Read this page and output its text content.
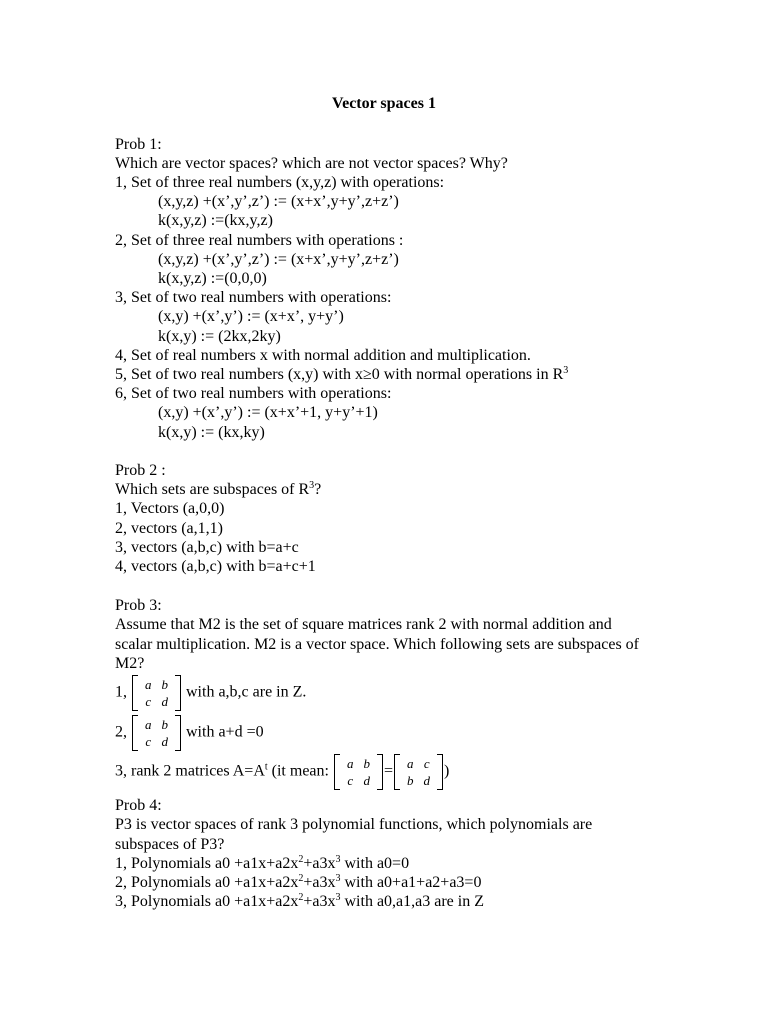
Vector spaces 1
Prob 1:
Which are vector spaces? which are not vector spaces? Why?
1, Set of three real numbers (x,y,z) with operations:
(x,y,z) +(x’,y’,z’) := (x+x’,y+y’,z+z’)
k(x,y,z) :=(kx,y,z)
2, Set of three real numbers with operations :
(x,y,z) +(x’,y’,z’) := (x+x’,y+y’,z+z’)
k(x,y,z) :=(0,0,0)
3, Set of two real numbers with operations:
(x,y) +(x’,y’) := (x+x’, y+y’)
k(x,y) := (2kx,2ky)
4, Set of real numbers x with normal addition and multiplication.
5, Set of two real numbers (x,y) with x≥0 with normal operations in $R^3$
6, Set of two real numbers with operations:
(x,y) +(x’,y’) := (x+x’+1, y+y’+1)
k(x,y) := (kx,ky)
Prob 2 :
Which sets are subspaces of $R^3$?
1, Vectors (a,0,0)
2, vectors (a,1,1)
3, vectors (a,b,c) with b=a+c
4, vectors (a,b,c) with b=a+c+1
Prob 3:
Assume that M2 is the set of square matrices rank 2 with normal addition and
scalar multiplication. M2 is a vector space. Which following sets are subspaces of
M2?
1, a	b
c	d
with a,b,c are in Z.
2, a	b
c	d
with a+d =0
3, rank 2 matrices $A=A^t$ (it mean: a	b
c	d
= a	c
b	d
)
Prob 4:
P3 is vector spaces of rank 3 polynomial functions, which polynomials are
subspaces of P3?
1, Polynomials $a0 +a1x+a2x^2+a3x^3$ with a0=0
2, Polynomials $a0 +a1x+a2x^2+a3x^3$ with a0+a1+a2+a3=0
3, Polynomials $a0 +a1x+a2x^2+a3x^3$ with a0,a1,a3 are in Z
